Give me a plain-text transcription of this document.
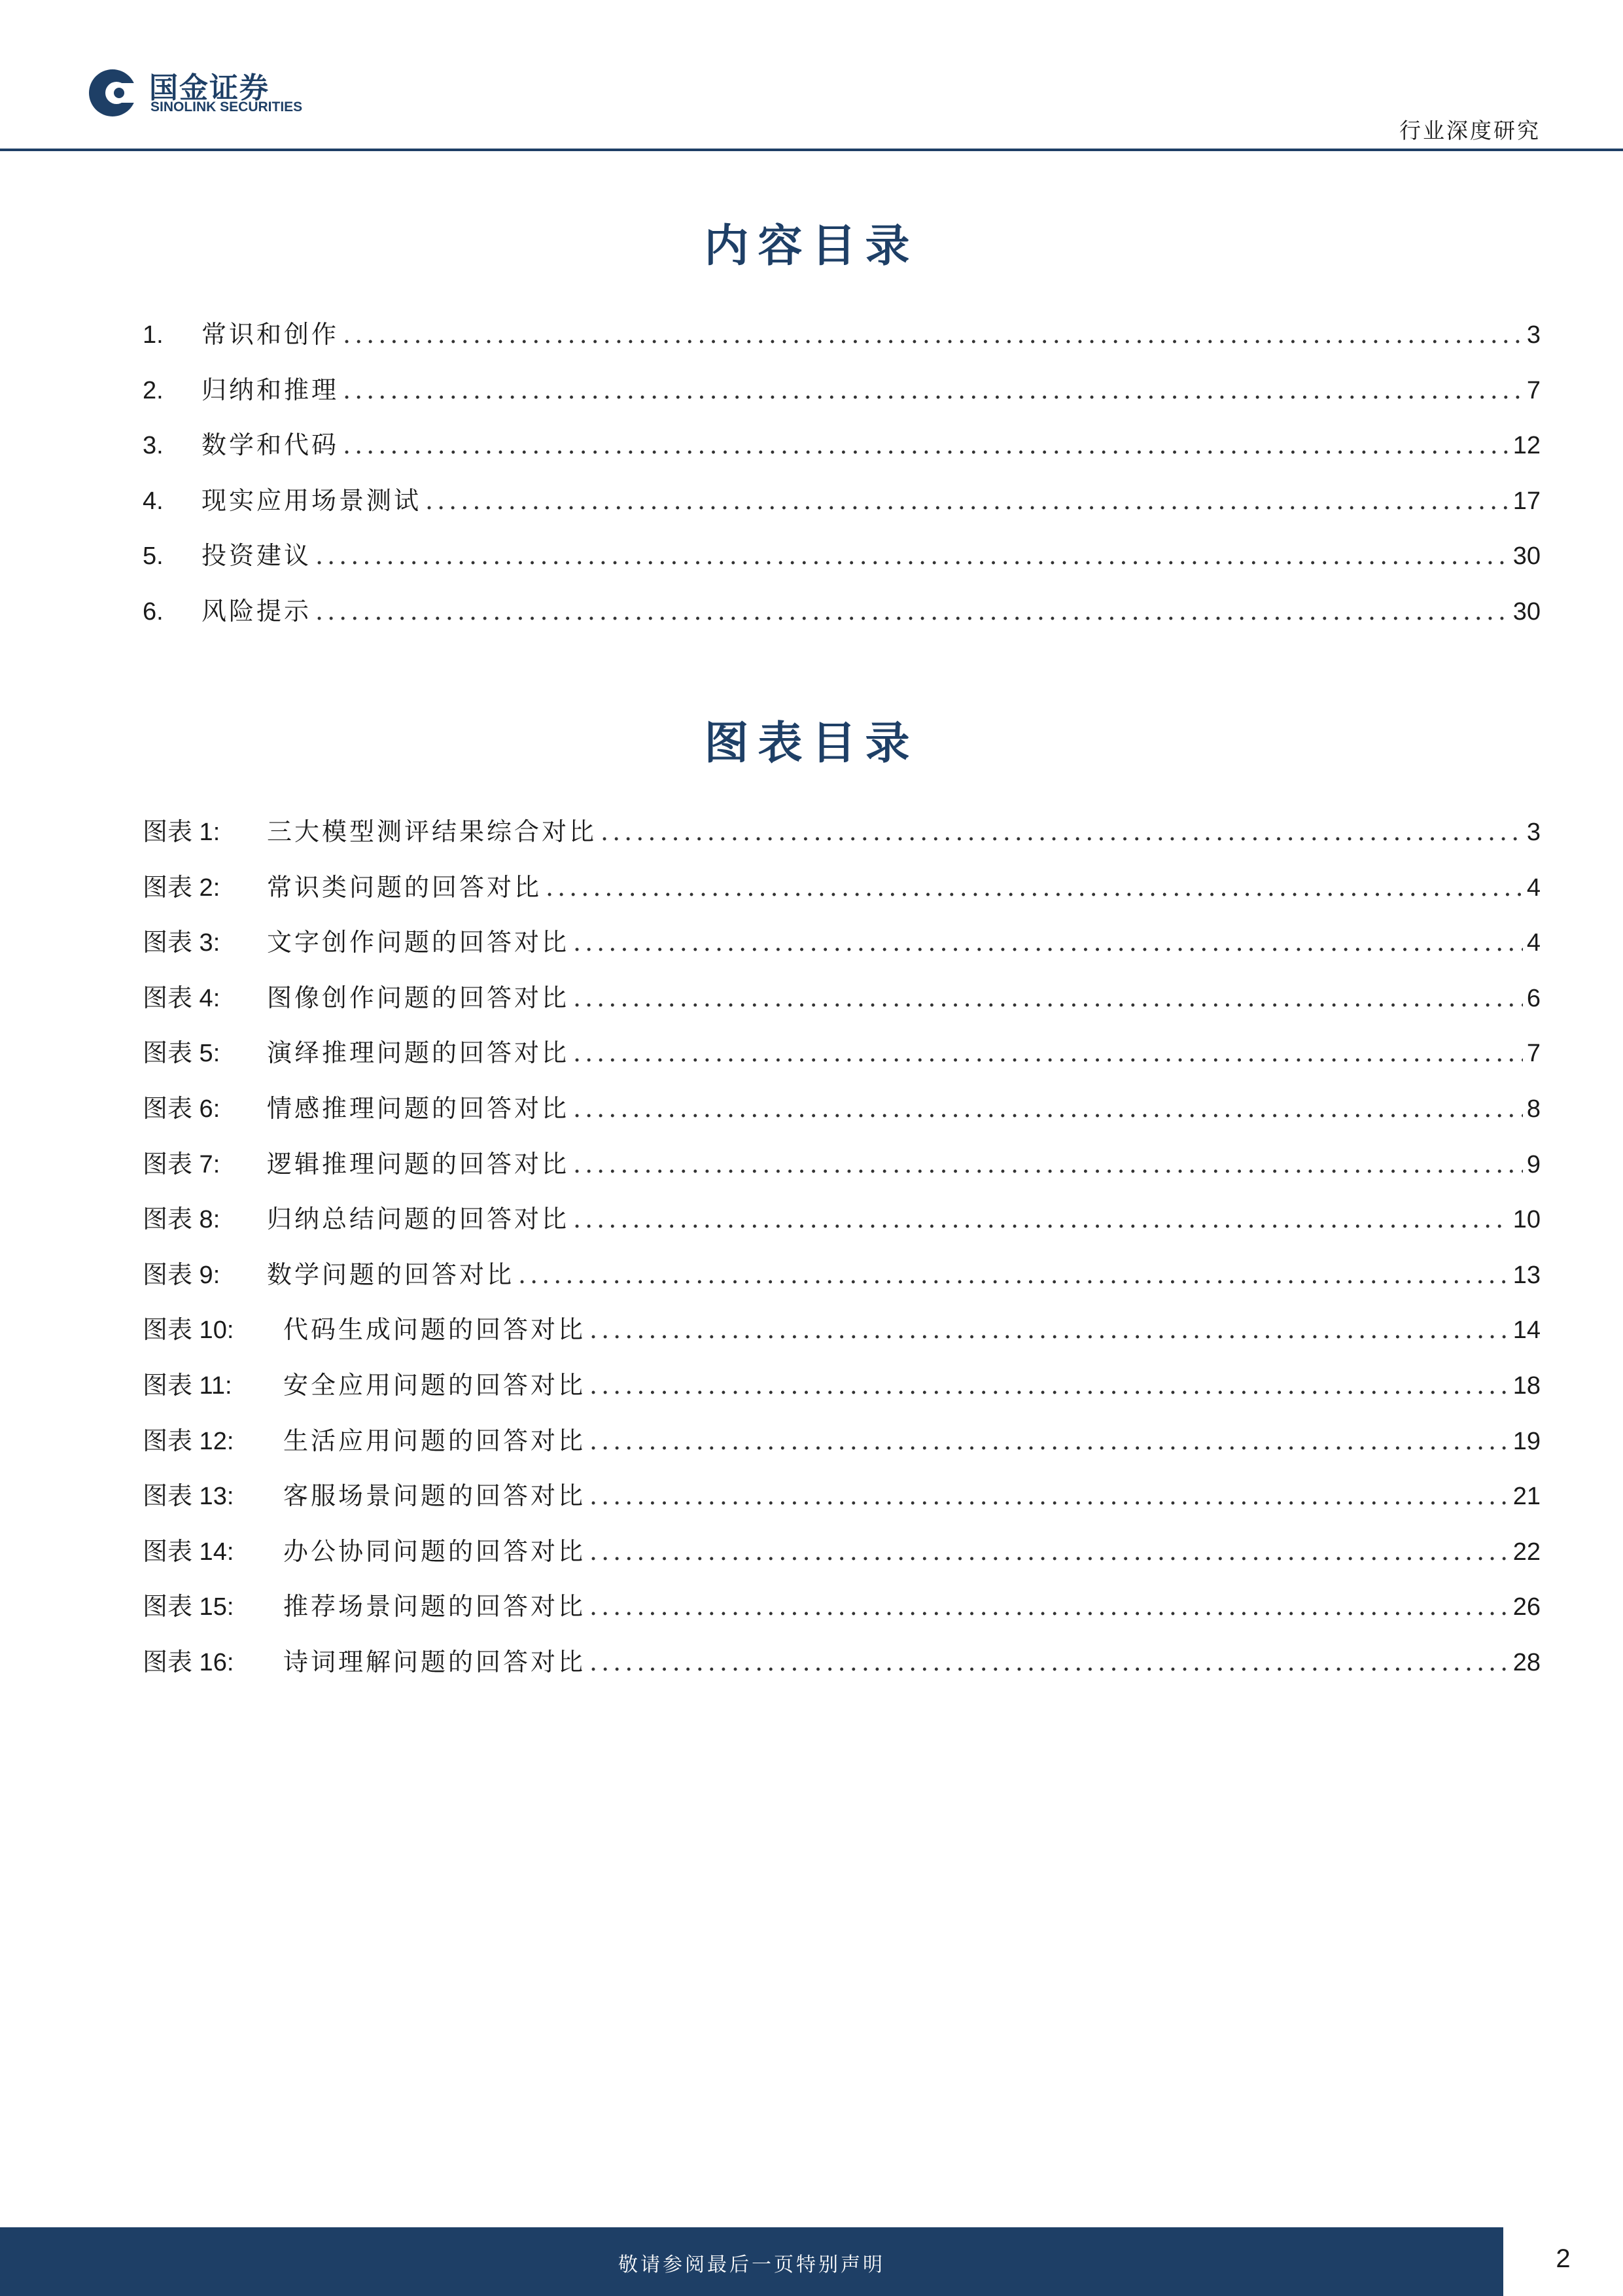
国金证券
SINOLINK SECURITIES
行业深度研究
内容目录
1.	常识和创作 .....	3
2.	归纳和推理 .....	7
3.	数学和代码 .....	12
4.	现实应用场景测试 .....	17
5.	投资建议 .....	30
6.	风险提示 .....	30
图表目录
图表 1:	三大模型测评结果综合对比 .....	3
图表 2:	常识类问题的回答对比 .....	4
图表 3:	文字创作问题的回答对比 .....	4
图表 4:	图像创作问题的回答对比 .....	6
图表 5:	演绎推理问题的回答对比 .....	7
图表 6:	情感推理问题的回答对比 .....	8
图表 7:	逻辑推理问题的回答对比 .....	9
图表 8:	归纳总结问题的回答对比 .....	10
图表 9:	数学问题的回答对比 .....	13
图表 10:	代码生成问题的回答对比 .....	14
图表 11:	安全应用问题的回答对比 .....	18
图表 12:	生活应用问题的回答对比 .....	19
图表 13:	客服场景问题的回答对比 .....	21
图表 14:	办公协同问题的回答对比 .....	22
图表 15:	推荐场景问题的回答对比 .....	26
图表 16:	诗词理解问题的回答对比 .....	28
敬请参阅最后一页特别声明	2
